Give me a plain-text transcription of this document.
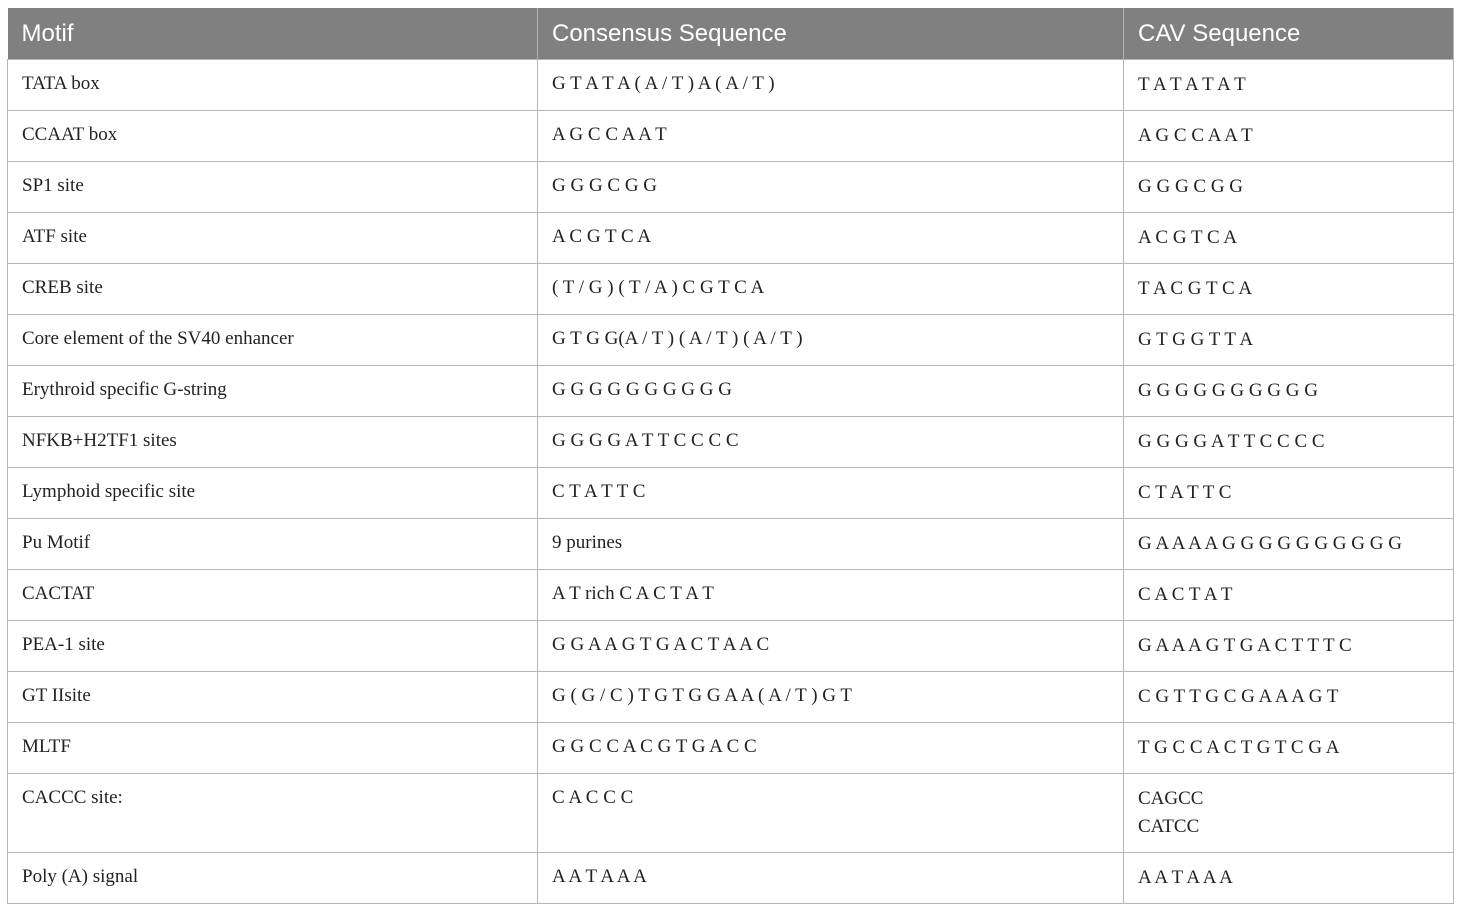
Motif	Consensus Sequence	CAV Sequence
TATA box	G T A T A ( A / T ) A ( A / T )	T A T A T A T

CCAAT box	A G C C A A T	A G C C A A T

SP1 site	G G G C G G	G G G C G G

ATF site	A C G T C A	A C G T C A

CREB site	( T / G ) ( T / A ) C G T C A	T A C G T C A

Core element of the SV40 enhancer	G T G G(A / T ) ( A / T ) ( A / T )	G T G G T T A

Erythroid specific G-string	G G G G G G G G G G	G G G G G G G G G G

NFKB+H2TF1 sites	G G G G A T T C C C C	G G G G A T T C C C C

Lymphoid specific site	C T A T T C	C T A T T C

Pu Motif	9 purines	G A A A A G G G G G G G G G G

CACTAT	A T rich C A C T A T	C A C T A T

PEA-1 site	G G A A G T G A C T A A C	G A A A G T G A C T T T C

GT IIsite	G ( G / C ) T G T G G A A ( A / T ) G T	C G T T G C G A A A G T

MLTF	G G C C A C G T G A C C	T G C C A C T G T C G A

CACCC site:	C A C C C	CAGCC
CATCC

Poly (A) signal	A A T A A A	A A T A A A
